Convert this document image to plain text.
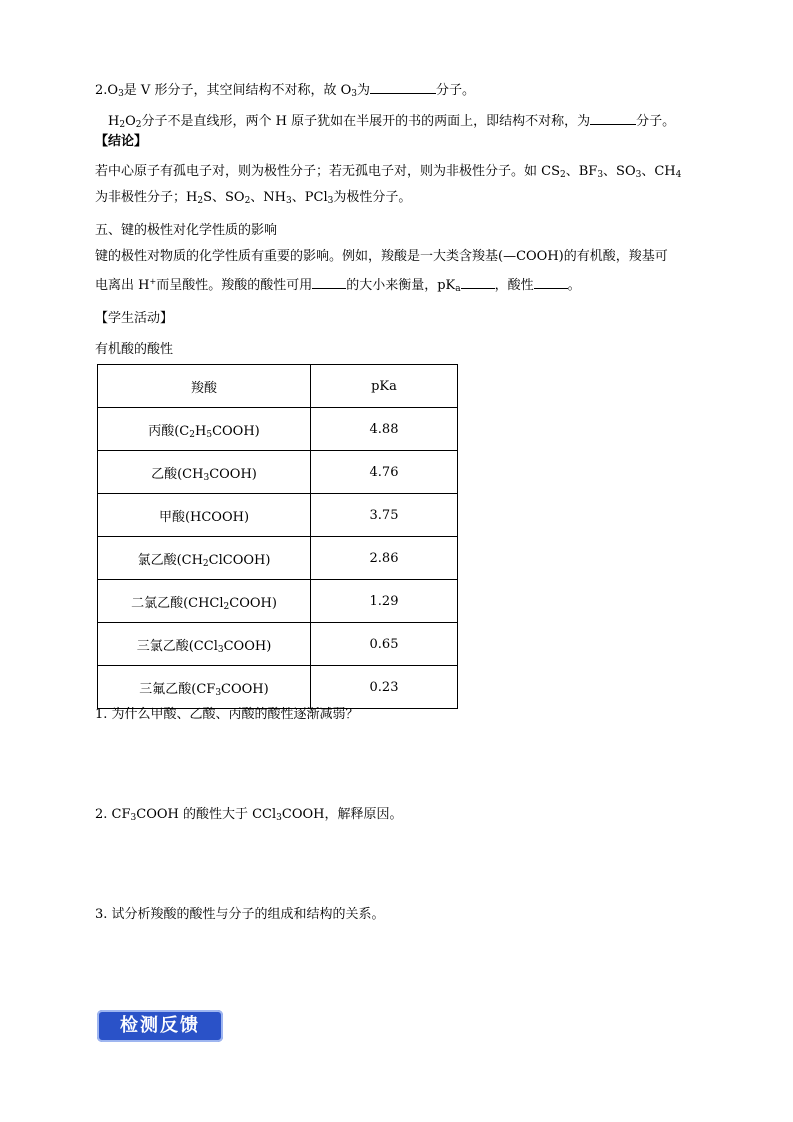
$2.O_3$是 V 形分子，其空间结构不对称，故 $O_3$为	分子。
$H_2O_2$分子不是直线形，两个 H 原子犹如在半展开的书的两面上，即结构不对称，为	分子。
【结论】
若中心原子有孤电子对，则为极性分子；若无孤电子对，则为非极性分子。如 $CS_2$、$BF_3$、$SO_3$、$CH_4$
为非极性分子；$H_2S$、$SO_2$、$NH_3$、PCl$_3$为极性分子。
五、键的极性对化学性质的影响
键的极性对物质的化学性质有重要的影响。例如，羧酸是一大类含羧基(—COOH)的有机酸，羧基可
电离出 H+而呈酸性。羧酸的酸性可用	的大小来衡量，$pK_a$	，酸性	。
【学生活动】
有机酸的酸性
羧酸	pKa
丙酸$(C_2H_5COOH)$	4.88
乙酸$(CH_3COOH)$	4.76
甲酸(HCOOH)	3.75
氯乙酸$(CH_2ClCOOH)$	2.86
二氯乙酸(CHCl$_2$COOH)	1.29
三氯乙酸(CCl$_3$COOH)	0.65
三氟乙酸$(CF_3COOH)$	0.23
1. 为什么甲酸、乙酸、丙酸的酸性逐渐减弱？
2. $CF_3COOH$ 的酸性大于 CCl$_3$COOH，解释原因。
3. 试分析羧酸的酸性与分子的组成和结构的关系。
检测反馈
